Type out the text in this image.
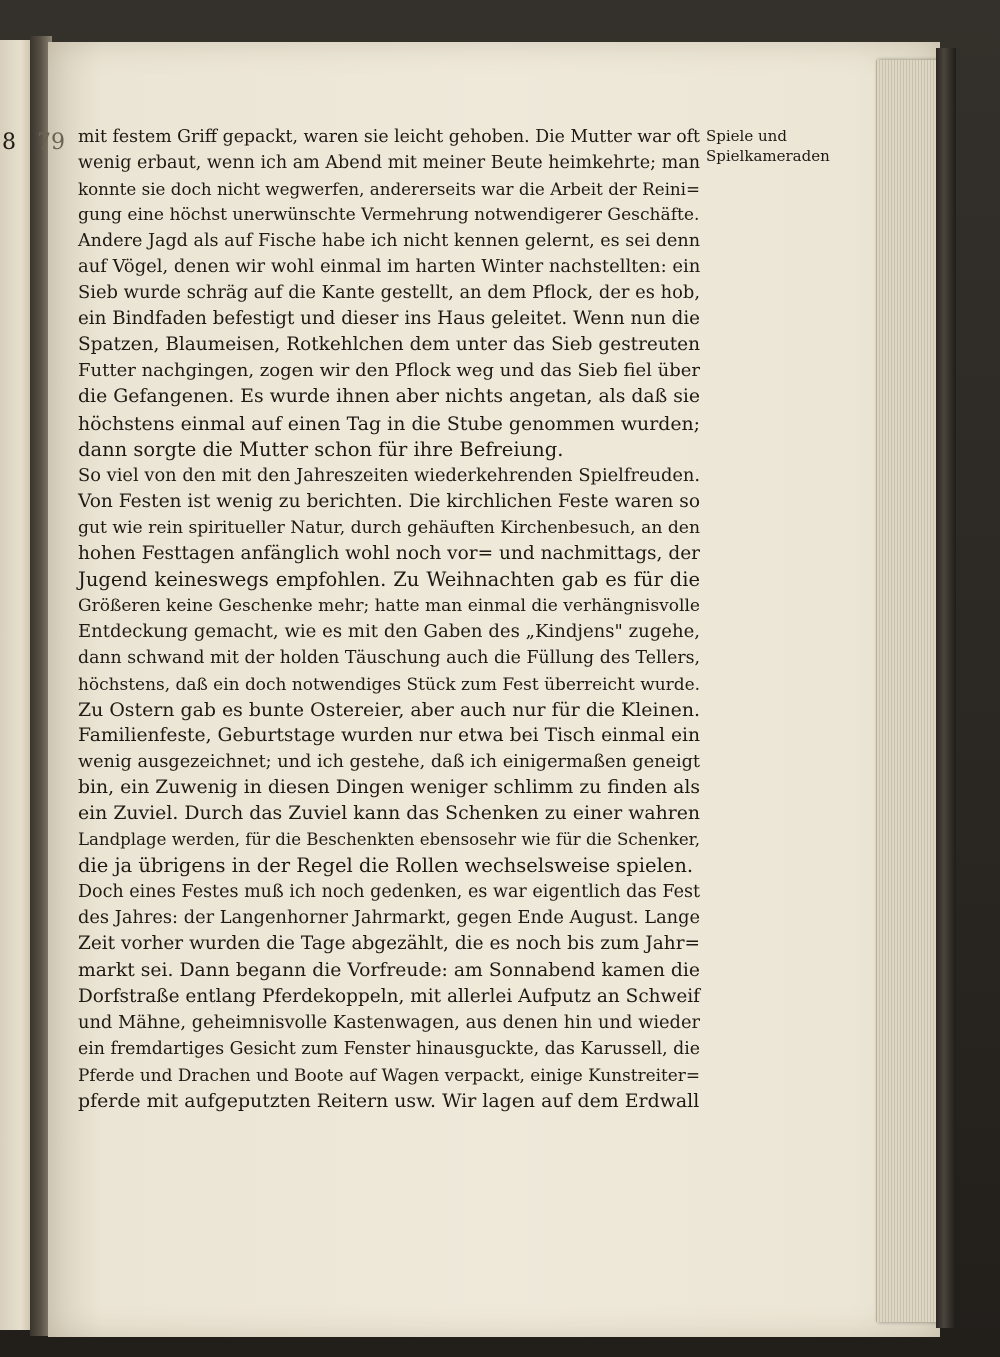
8 79	Spiele und
Spielkameraden
mit festem Griff gepackt, waren sie leicht gehoben. Die Mutter war oft
wenig erbaut, wenn ich am Abend mit meiner Beute heimkehrte; man
konnte sie doch nicht wegwerfen, andererseits war die Arbeit der Reini=
gung eine höchst unerwünschte Vermehrung notwendigerer Geschäfte.
Andere Jagd als auf Fische habe ich nicht kennen gelernt, es sei denn
auf Vögel, denen wir wohl einmal im harten Winter nachstellten: ein
Sieb wurde schräg auf die Kante gestellt, an dem Pflock, der es hob,
ein Bindfaden befestigt und dieser ins Haus geleitet. Wenn nun die
Spatzen, Blaumeisen, Rotkehlchen dem unter das Sieb gestreuten
Futter nachgingen, zogen wir den Pflock weg und das Sieb fiel über
die Gefangenen. Es wurde ihnen aber nichts angetan, als daß sie
höchstens einmal auf einen Tag in die Stube genommen wurden;
dann sorgte die Mutter schon für ihre Befreiung.
So viel von den mit den Jahreszeiten wiederkehrenden Spielfreuden.
Von Festen ist wenig zu berichten. Die kirchlichen Feste waren so
gut wie rein spiritueller Natur, durch gehäuften Kirchenbesuch, an den
hohen Festtagen anfänglich wohl noch vor= und nachmittags, der
Jugend keineswegs empfohlen. Zu Weihnachten gab es für die
Größeren keine Geschenke mehr; hatte man einmal die verhängnisvolle
Entdeckung gemacht, wie es mit den Gaben des „Kindjens" zugehe,
dann schwand mit der holden Täuschung auch die Füllung des Tellers,
höchstens, daß ein doch notwendiges Stück zum Fest überreicht wurde.
Zu Ostern gab es bunte Ostereier, aber auch nur für die Kleinen.
Familienfeste, Geburtstage wurden nur etwa bei Tisch einmal ein
wenig ausgezeichnet; und ich gestehe, daß ich einigermaßen geneigt
bin, ein Zuwenig in diesen Dingen weniger schlimm zu finden als
ein Zuviel. Durch das Zuviel kann das Schenken zu einer wahren
Landplage werden, für die Beschenkten ebensosehr wie für die Schenker,
die ja übrigens in der Regel die Rollen wechselsweise spielen.
Doch eines Festes muß ich noch gedenken, es war eigentlich das Fest
des Jahres: der Langenhorner Jahrmarkt, gegen Ende August. Lange
Zeit vorher wurden die Tage abgezählt, die es noch bis zum Jahr=
markt sei. Dann begann die Vorfreude: am Sonnabend kamen die
Dorfstraße entlang Pferdekoppeln, mit allerlei Aufputz an Schweif
und Mähne, geheimnisvolle Kastenwagen, aus denen hin und wieder
ein fremdartiges Gesicht zum Fenster hinausguckte, das Karussell, die
Pferde und Drachen und Boote auf Wagen verpackt, einige Kunstreiter=
pferde mit aufgeputzten Reitern usw. Wir lagen auf dem Erdwall
